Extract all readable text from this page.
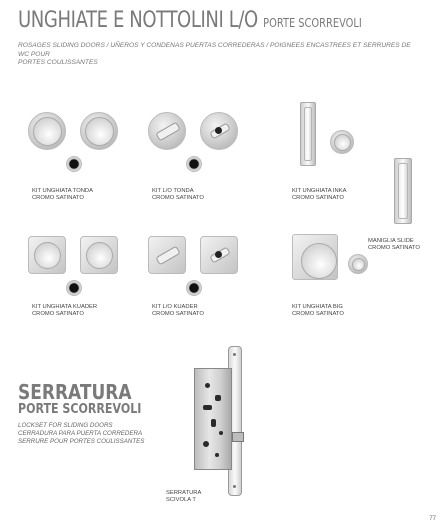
UNGHIATE E NOTTOLINI L/O PORTE SCORREVOLI

ROSAGES SLIDING DOORS / UÑEROS Y CONDENAS PUERTAS CORREDERAS / POIGNEES ENCASTREES ET SERRURES DE WC POUR
PORTES COULISSANTES

KIT UNGHIATA TONDA
CROMO SATINATO

KIT L/O TONDA
CROMO SATINATO

KIT UNGHIATA INKA
CROMO SATINATO

MANIGLIA SLIDE
CROMO SATINATO

KIT UNGHIATA KUADER
CROMO SATINATO

KIT L/O KUADER
CROMO SATINATO

KIT UNGHIATA BIG
CROMO SATINATO

SERRATURA
PORTE SCORREVOLI
LOCKSET FOR SLIDING DOORS
CERRADURA PARA PUERTA CORREDERA
SERRURE POUR PORTES COULISSANTES

SERRATURA
SCIVOLA T

77
